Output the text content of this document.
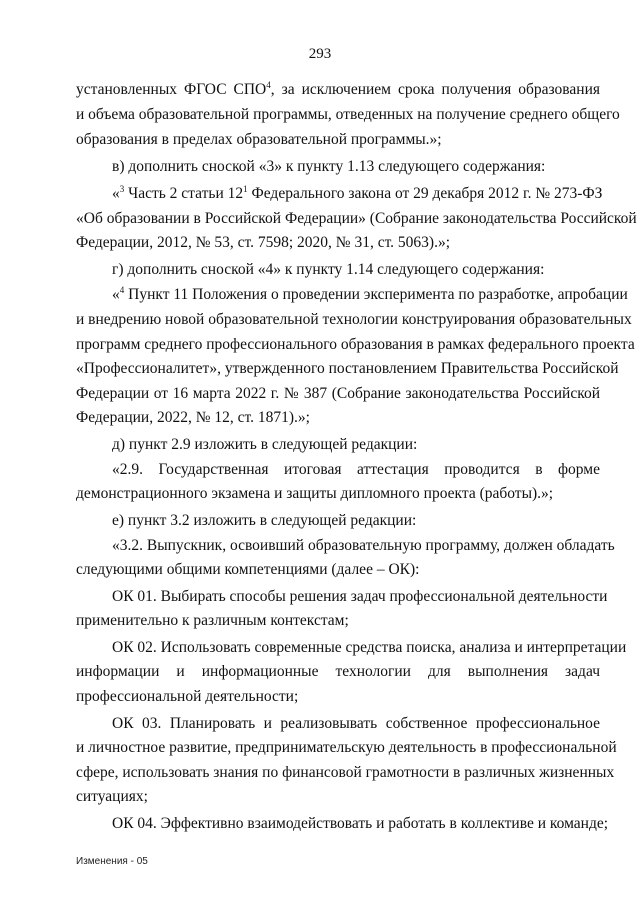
293
установленных ФГОС СПО$^4$, за исключением срока получения образования
и объема образовательной программы, отведенных на получение среднего общего
образования в пределах образовательной программы.»;
в) дополнить сноской «3» к пункту 1.13 следующего содержания:
«$^3$ Часть 2 статьи $12^1$ Федерального закона от 29 декабря 2012 г. № 273-ФЗ
«Об образовании в Российской Федерации» (Собрание законодательства Российской
Федерации, 2012, № 53, ст. 7598; 2020, № 31, ст. 5063).»;
г) дополнить сноской «4» к пункту 1.14 следующего содержания:
«$^4$ Пункт 11 Положения о проведении эксперимента по разработке, апробации
и внедрению новой образовательной технологии конструирования образовательных
программ среднего профессионального образования в рамках федерального проекта
«Профессионалитет», утвержденного постановлением Правительства Российской
Федерации от 16 марта 2022 г. № 387 (Собрание законодательства Российской
Федерации, 2022, № 12, ст. 1871).»;
д) пункт 2.9 изложить в следующей редакции:
«2.9. Государственная итоговая аттестация проводится в форме
демонстрационного экзамена и защиты дипломного проекта (работы).»;
е) пункт 3.2 изложить в следующей редакции:
«3.2. Выпускник, освоивший образовательную программу, должен обладать
следующими общими компетенциями (далее – ОК):
ОК 01. Выбирать способы решения задач профессиональной деятельности
применительно к различным контекстам;
ОК 02. Использовать современные средства поиска, анализа и интерпретации
информации и информационные технологии для выполнения задач
профессиональной деятельности;
ОК 03. Планировать и реализовывать собственное профессиональное
и личностное развитие, предпринимательскую деятельность в профессиональной
сфере, использовать знания по финансовой грамотности в различных жизненных
ситуациях;
ОК 04. Эффективно взаимодействовать и работать в коллективе и команде;
Изменения - 05
